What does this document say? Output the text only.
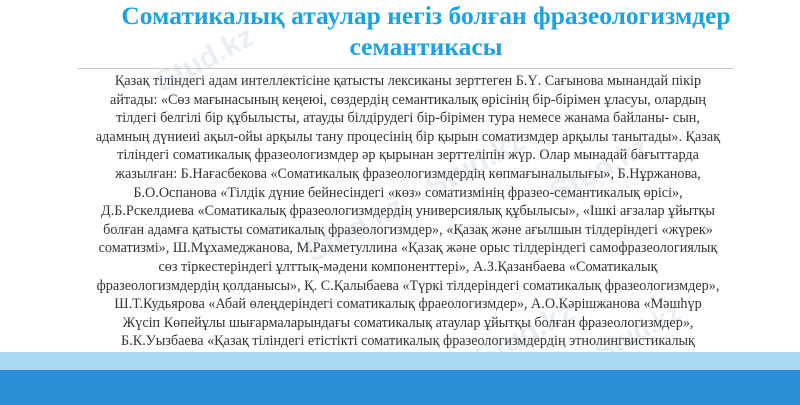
Соматикалық атаулар негіз болған фразеологизмдер
семантикасы
Қазақ тіліндегі адам интеллектісіне қатысты лексиканы зерттеген Б.Ү. Сағынова мынандай пікір
айтады: «Сөз мағынасының кеңеюі, сөздердің семантикалық өрісінің бір-бірімен ұласуы, олардың
тілдегі белгілі бір құбылысты, атауды білдірудегі бір-бірімен тура немесе жанама байланы- сын,
адамның дүниеиі ақыл-ойы арқылы тану процесінің бір қырын соматизмдер арқылы танытады». Қазақ
тіліндегі соматикалық фразеологизмдер әр қырынан зерттеліпін жүр. Олар мынадай бағыттарда
жазылған: Б.Нағасбекова «Соматикалық фразеологизмдердің көпмағыналылығы», Б.Нұржанова,
Б.О.Оспанова «Тілдік дүние бейнесіндегі «көз» соматизмінің фразео-семантикалық өрісі»,
Д.Б.Рскелдиева «Соматикалық фразеологизмдердің универсиялық құбылысы», «Ішкі ағзалар ұйытқы
болған адамға қатысты соматикалық фразеологизмдер», «Қазақ және ағылшын тілдеріндегі «жүрек»
соматизмі», Ш.Мұхамеджанова, М.Рахметуллина «Қазақ және орыс тілдеріндегі самофразеологиялық
сөз тіркестеріндегі ұлттық-мәдени компоненттері», А.З.Қазанбаева «Соматикалық
фразеологизмдердің қолданысы», Қ. С.Қалыбаева «Түркі тілдеріндегі соматикалық фразеологизмдер»,
Ш.Т.Кудьярова «Абай өлеңдеріндегі соматикалық фраеологизмдер», А.О.Кәрішжанова «Мәшһүр
Жүсіп Көпейұлы шығармаларындағы соматикалық атаулар ұйытқы болған фразеологизмдер»,
Б.К.Уызбаева «Қазақ тіліндегі етістікті соматикалық фразеологизмдердің этнолингвистикалық
Stud.kz
Stud.kz
Stud.kz
Stud.kz
Stud.kz
Stud.kz
